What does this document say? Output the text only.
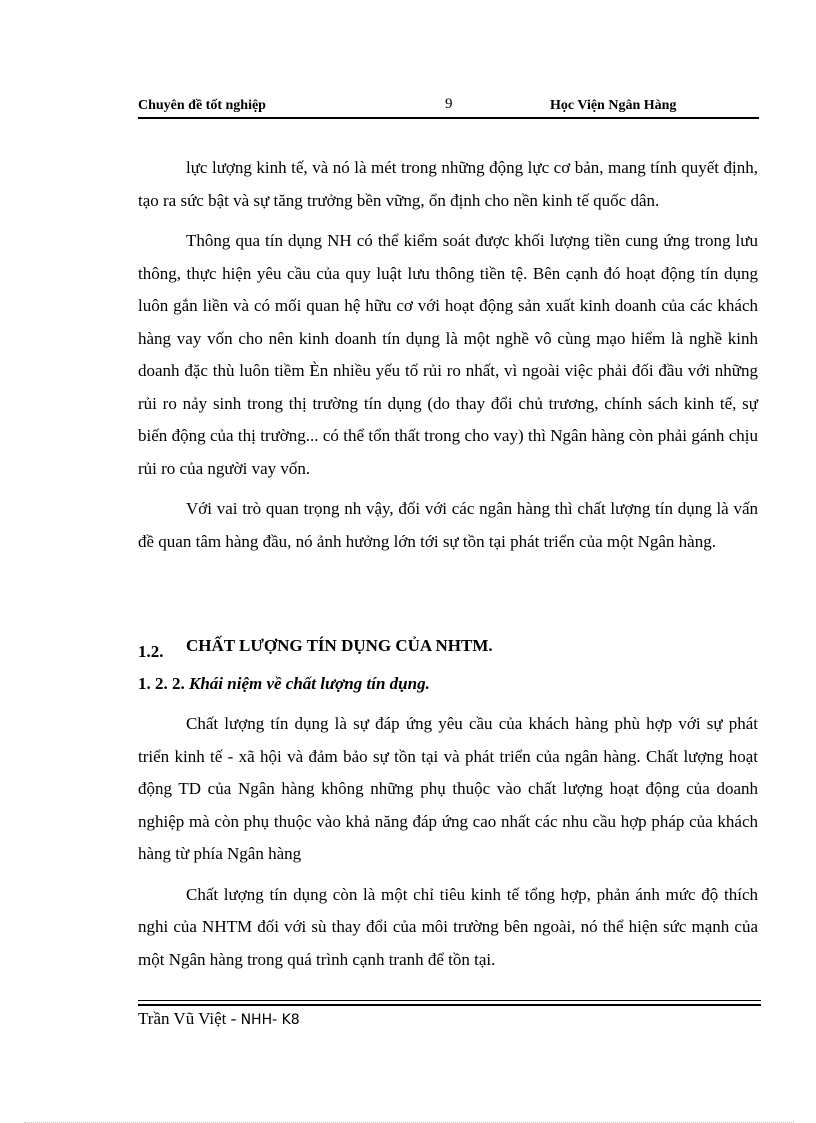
Chuyên đề tốt nghiệp	9	Học Viện Ngân Hàng

lực lượng kinh tế, và nó là mét trong những động lực cơ bản, mang tính quyết định, tạo ra sức bật và sự tăng trưởng bền vững, ổn định cho nền kinh tế quốc dân.

Thông qua tín dụng NH có thể kiểm soát được khối lượng tiền cung ứng trong lưu thông, thực hiện yêu cầu của quy luật lưu thông tiền tệ. Bên cạnh đó hoạt động tín dụng luôn gắn liền và có mối quan hệ hữu cơ với hoạt động sản xuất kinh doanh của các khách hàng vay vốn cho nên kinh doanh tín dụng là một nghề vô cùng mạo hiểm là nghề kinh doanh đặc thù luôn tiềm Èn nhiều yếu tố rủi ro nhất, vì ngoài việc phải đối đầu với những rủi ro nảy sinh trong thị trường tín dụng (do thay đổi chủ trương, chính sách kinh tế, sự biến động của thị trường... có thể tổn thất trong cho vay) thì Ngân hàng còn phải gánh chịu rủi ro của người vay vốn.

Với vai trò quan trọng nh vậy, đối với các ngân hàng thì chất lượng tín dụng là vấn đề quan tâm hàng đầu, nó ảnh hưởng lớn tới sự tồn tại phát triển của một Ngân hàng.

1.2. CHẤT LƯỢNG TÍN DỤNG CỦA NHTM.
1. 2. 2. Khái niệm về chất lượng tín dụng.

Chất lượng tín dụng là sự đáp ứng yêu cầu của khách hàng phù hợp với sự phát triển kinh tế - xã hội và đảm bảo sự tồn tại và phát triển của ngân hàng. Chất lượng hoạt động TD của Ngân hàng không những phụ thuộc vào chất lượng hoạt động của doanh nghiệp mà còn phụ thuộc vào khả năng đáp ứng cao nhất các nhu cầu hợp pháp của khách hàng từ phía Ngân hàng

Chất lượng tín dụng còn là một chỉ tiêu kinh tế tổng hợp, phản ánh mức độ thích nghi của NHTM đối với sù thay đổi của môi trường bên ngoài, nó thể hiện sức mạnh của một Ngân hàng trong quá trình cạnh tranh để tồn tại.

Trần Vũ Việt - NHH- K8
